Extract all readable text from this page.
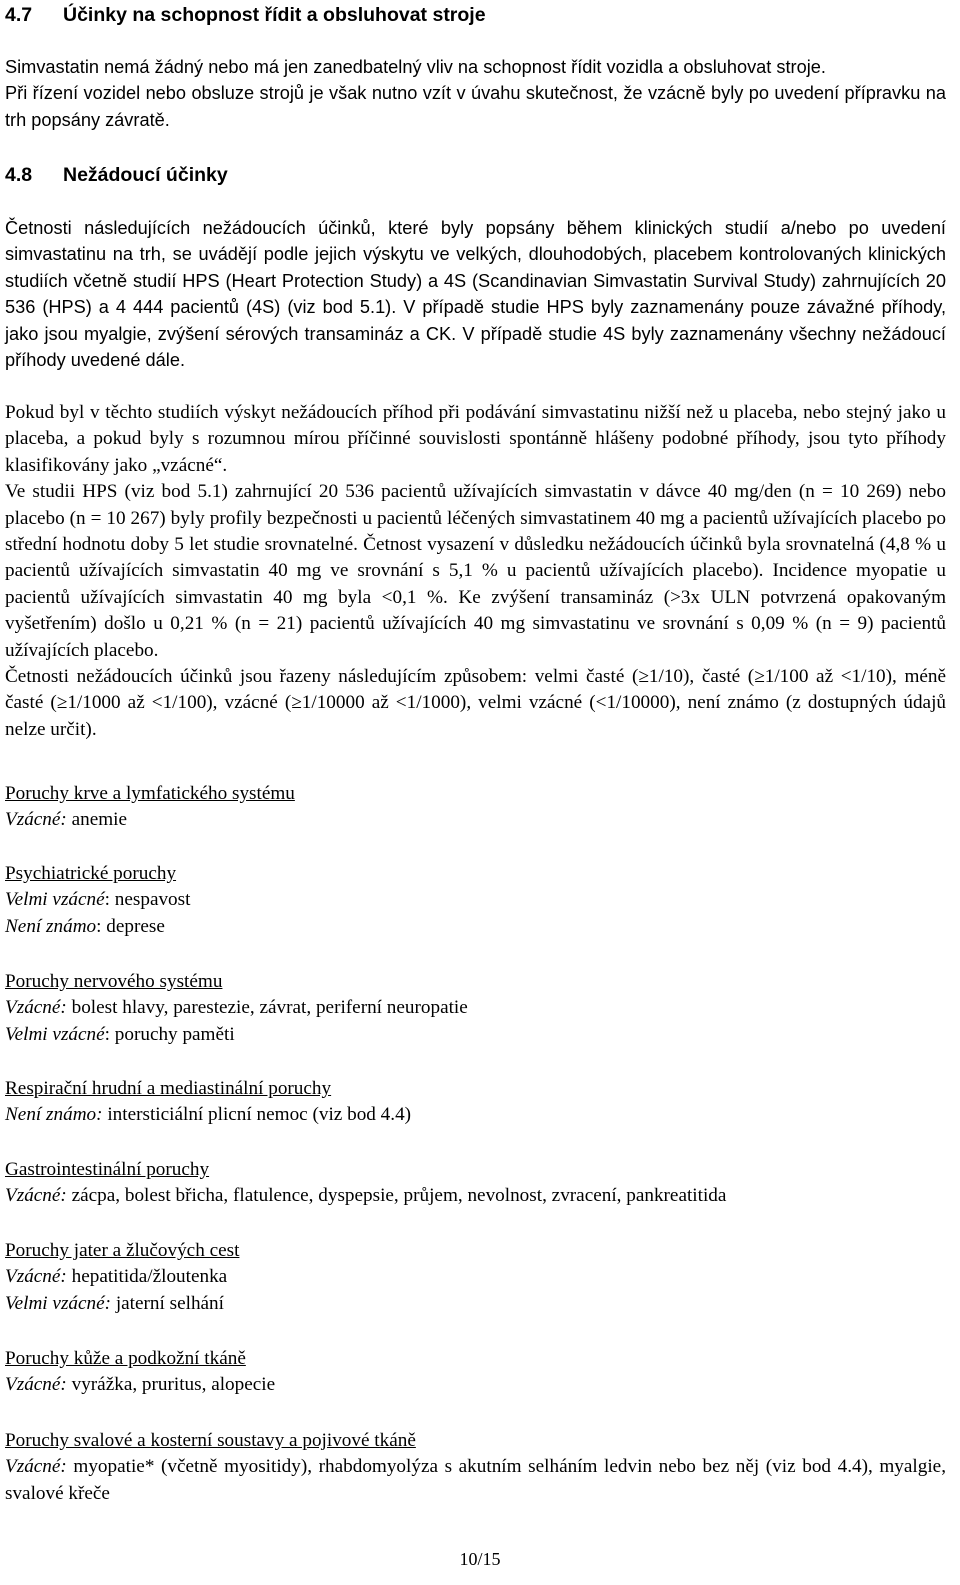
4.7 Účinky na schopnost řídit a obsluhovat stroje
Simvastatin nemá žádný nebo má jen zanedbatelný vliv na schopnost řídit vozidla a obsluhovat stroje.

Při řízení vozidel nebo obsluze strojů je však nutno vzít v úvahu skutečnost, že vzácně byly po uvedení přípravku na trh popsány závratě.

4.8 Nežádoucí účinky

Četnosti následujících nežádoucích účinků, které byly popsány během klinických studií a/nebo po uvedení simvastatinu na trh, se uvádějí podle jejich výskytu ve velkých, dlouhodobých, placebem kontrolovaných klinických studiích včetně studií HPS (Heart Protection Study) a 4S (Scandinavian Simvastatin Survival Study) zahrnujících 20 536 (HPS) a 4 444 pacientů (4S) (viz bod 5.1). V případě studie HPS byly zaznamenány pouze závažné příhody, jako jsou myalgie, zvýšení sérových transamináz a CK. V případě studie 4S byly zaznamenány všechny nežádoucí příhody uvedené dále.

Pokud byl v těchto studiích výskyt nežádoucích příhod při podávání simvastatinu nižší než u placeba, nebo stejný jako u placeba, a pokud byly s rozumnou mírou příčinné souvislosti spontánně hlášeny podobné příhody, jsou tyto příhody klasifikovány jako „vzácné“.

Ve studii HPS (viz bod 5.1) zahrnující 20 536 pacientů užívajících simvastatin v dávce 40 mg/den (n = 10 269) nebo placebo (n = 10 267) byly profily bezpečnosti u pacientů léčených simvastatinem 40 mg a pacientů užívajících placebo po střední hodnotu doby 5 let studie srovnatelné. Četnost vysazení v důsledku nežádoucích účinků byla srovnatelná (4,8 % u pacientů užívajících simvastatin 40 mg ve srovnání s 5,1 % u pacientů užívajících placebo). Incidence myopatie u pacientů užívajících simvastatin 40 mg byla <0,1 %. Ke zvýšení transamináz (>3x ULN potvrzená opakovaným vyšetřením) došlo u 0,21 % (n = 21) pacientů užívajících 40 mg simvastatinu ve srovnání s 0,09 % (n = 9) pacientů užívajících placebo.

Četnosti nežádoucích účinků jsou řazeny následujícím způsobem: velmi časté (≥1/10), časté (≥1/100 až <1/10), méně časté (≥1/1000 až <1/100), vzácné (≥1/10000 až <1/1000), velmi vzácné (<1/10000), není známo (z dostupných údajů nelze určit).

Poruchy krve a lymfatického systému
Vzácné: anemie
Psychiatrické poruchy
Velmi vzácné: nespavost
Není známo: deprese
Poruchy nervového systému
Vzácné: bolest hlavy, parestezie, závrat, periferní neuropatie
Velmi vzácné: poruchy paměti
Respirační hrudní a mediastinální poruchy
Není známo: intersticiální plicní nemoc (viz bod 4.4)
Gastrointestinální poruchy
Vzácné: zácpa, bolest břicha, flatulence, dyspepsie, průjem, nevolnost, zvracení, pankreatitida
Poruchy jater a žlučových cest
Vzácné: hepatitida/žloutenka
Velmi vzácné: jaterní selhání
Poruchy kůže a podkožní tkáně
Vzácné: vyrážka, pruritus, alopecie
Poruchy svalové a kosterní soustavy a pojivové tkáně
Vzácné: myopatie* (včetně myositidy), rhabdomyolýza s akutním selháním ledvin nebo bez něj (viz bod 4.4), myalgie, svalové křeče
10/15
